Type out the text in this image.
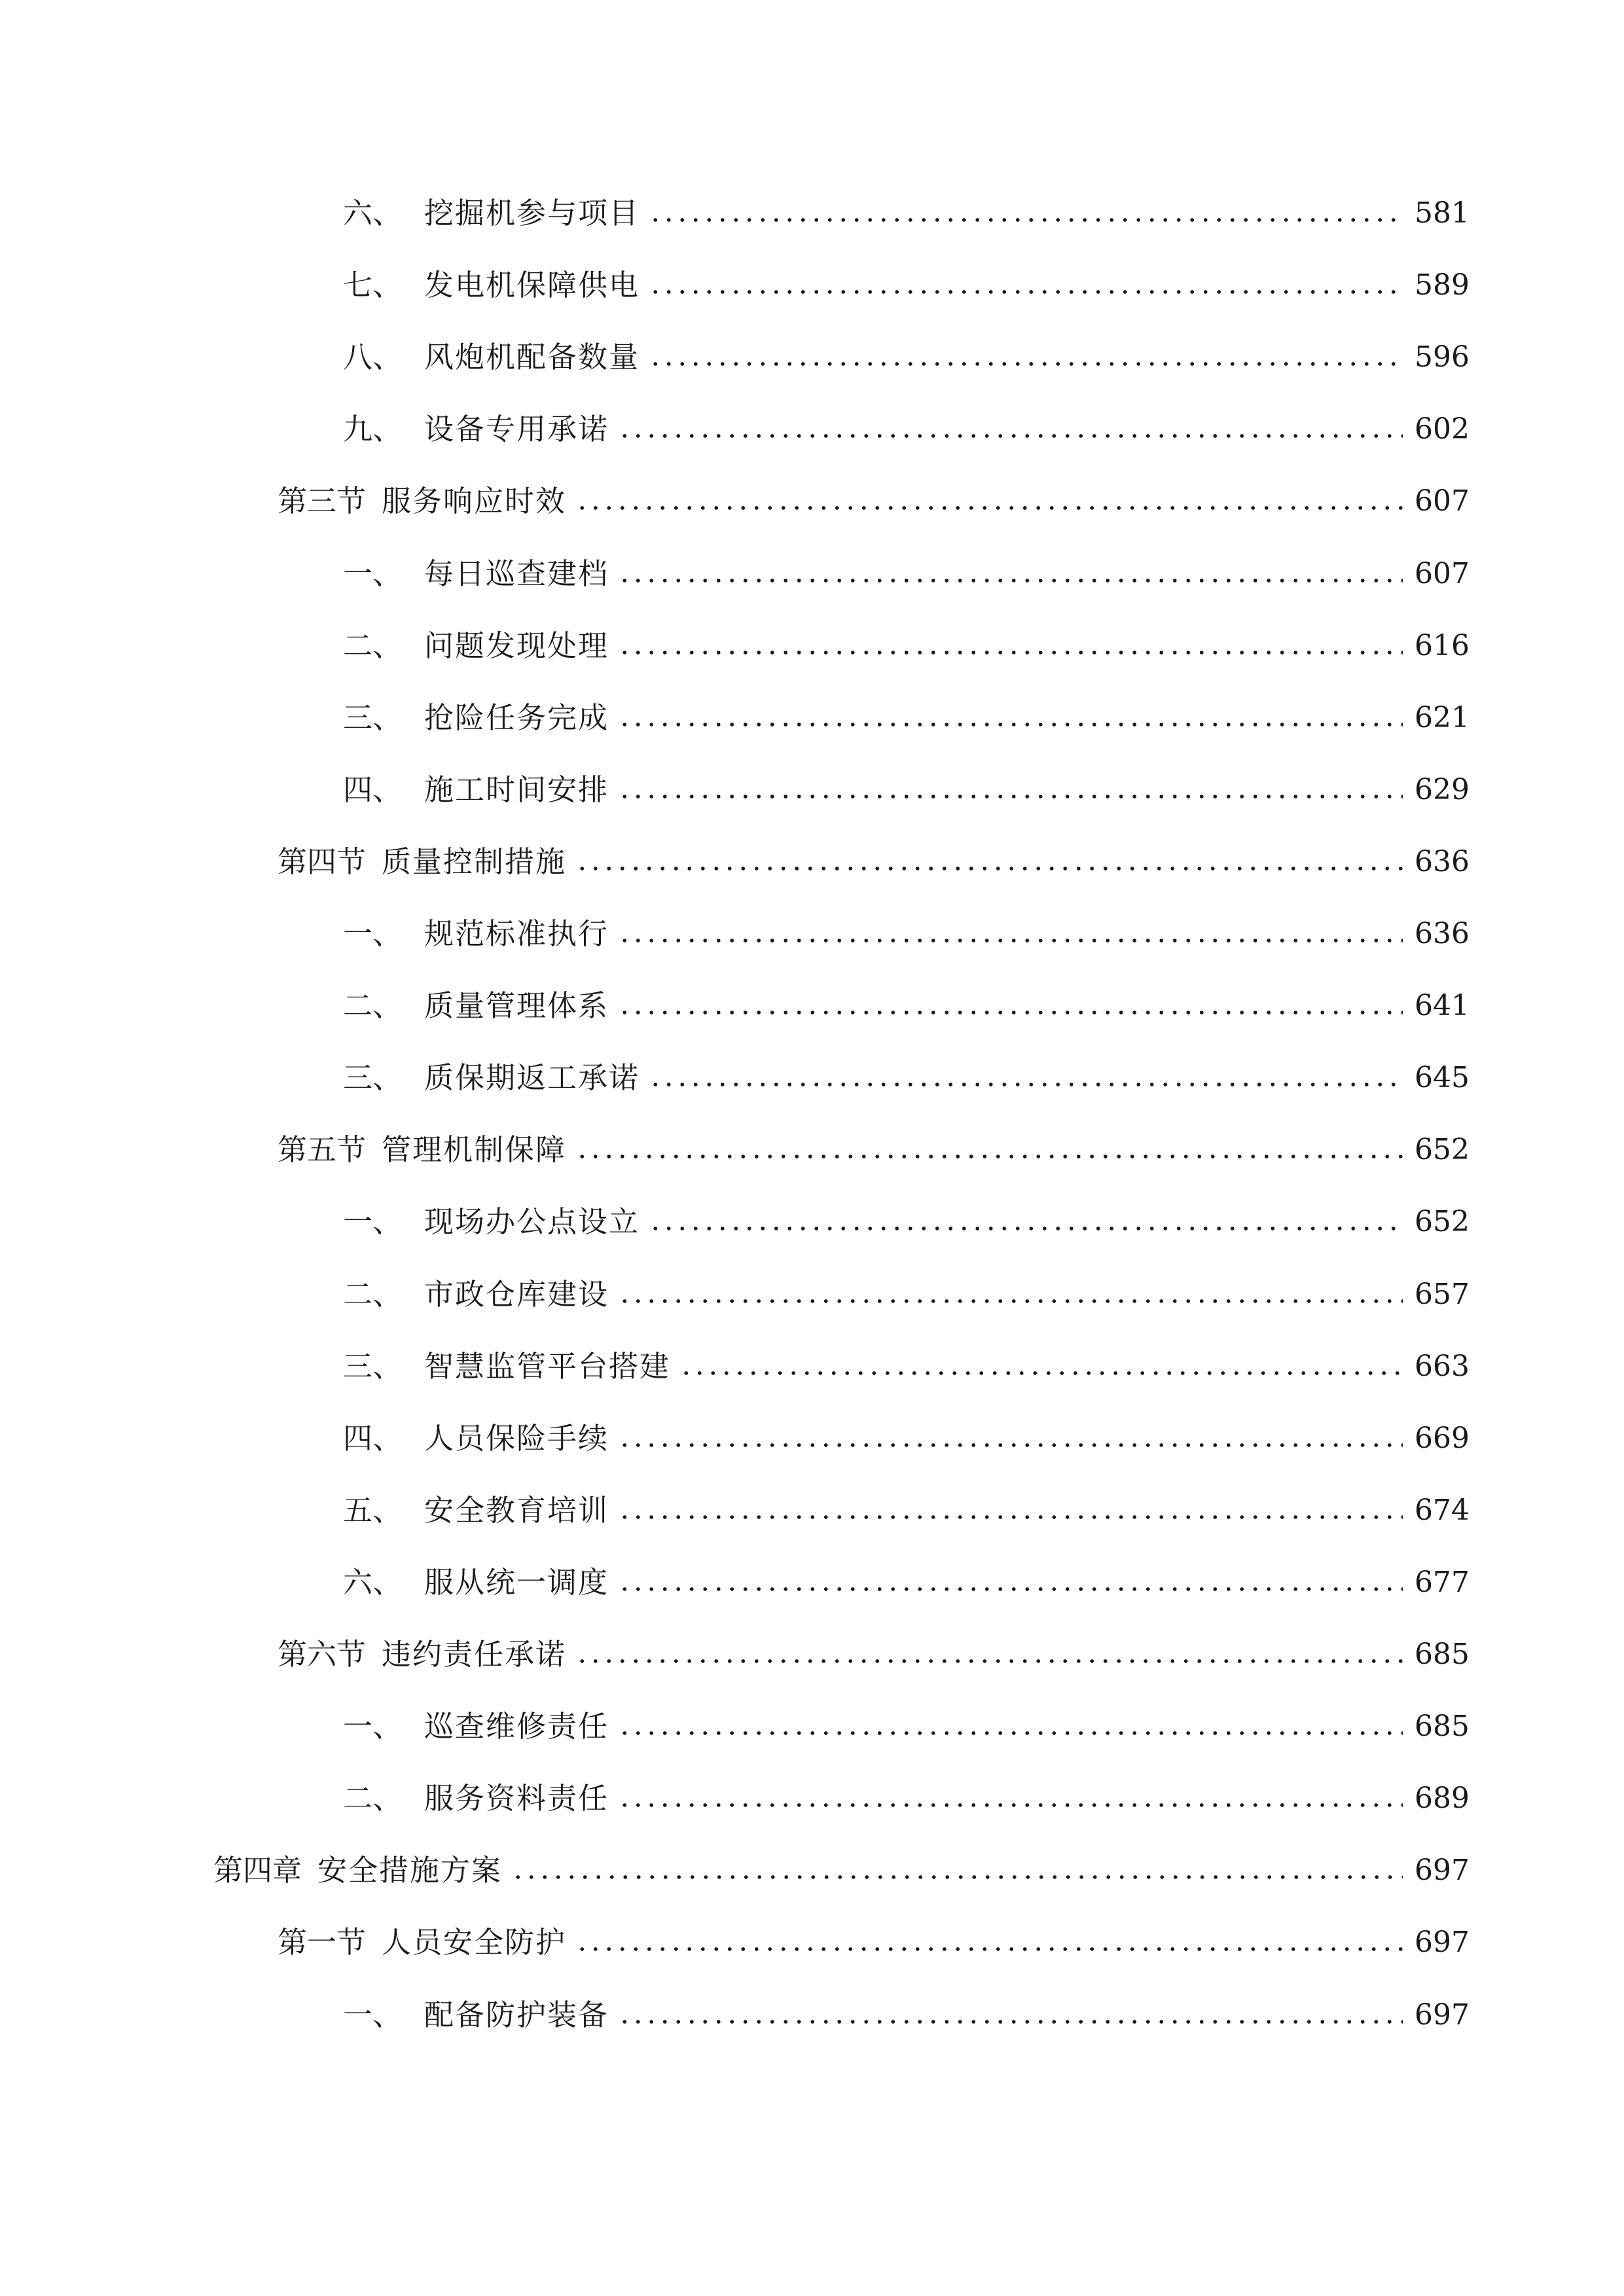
六、 挖掘机参与项目	581
七、 发电机保障供电	589
八、 风炮机配备数量	596
九、 设备专用承诺	602
第三节 服务响应时效	607
一、 每日巡查建档	607
二、 问题发现处理	616
三、 抢险任务完成	621
四、 施工时间安排	629
第四节 质量控制措施	636
一、 规范标准执行	636
二、 质量管理体系	641
三、 质保期返工承诺	645
第五节 管理机制保障	652
一、 现场办公点设立	652
二、 市政仓库建设	657
三、 智慧监管平台搭建	663
四、 人员保险手续	669
五、 安全教育培训	674
六、 服从统一调度	677
第六节 违约责任承诺	685
一、 巡查维修责任	685
二、 服务资料责任	689
第四章 安全措施方案	697
第一节 人员安全防护	697
一、 配备防护装备	697
